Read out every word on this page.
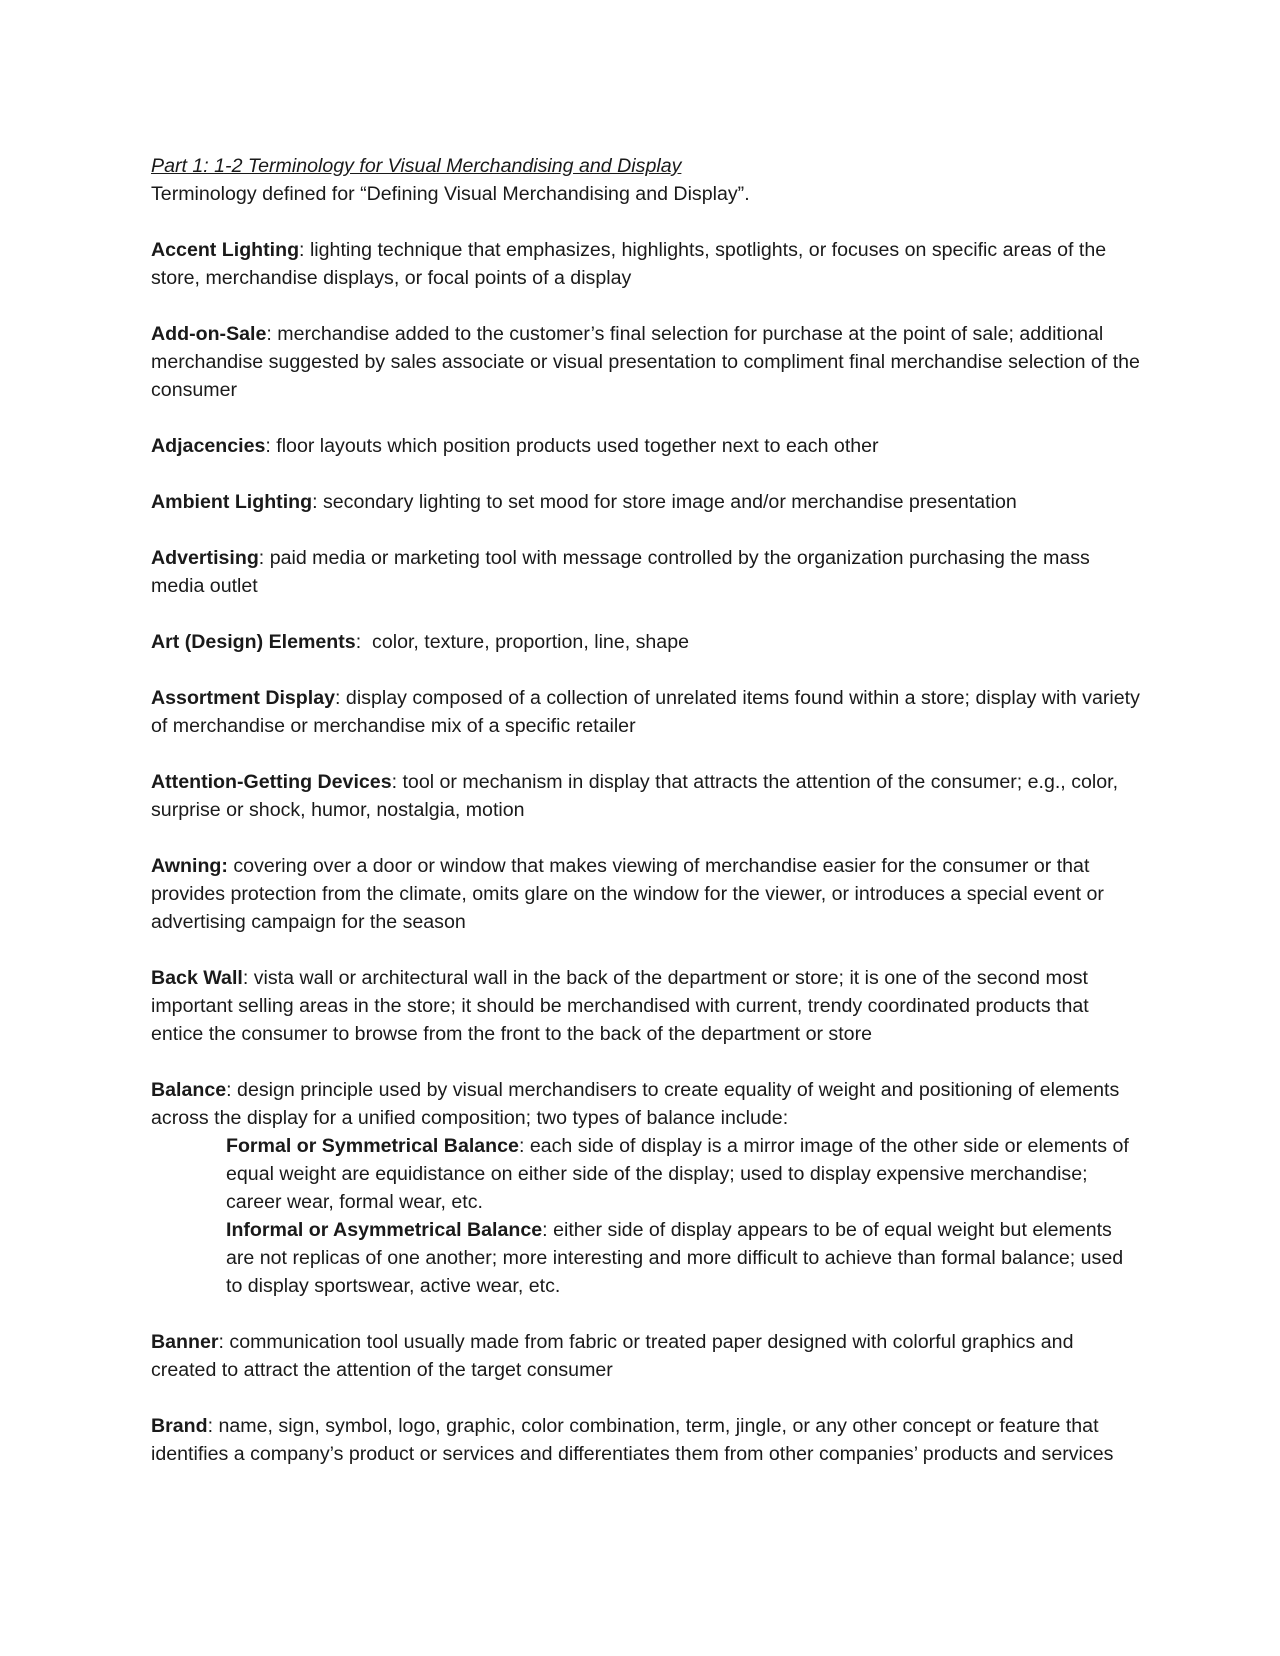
Part 1: 1-2 Terminology for Visual Merchandising and Display

Terminology defined for “Defining Visual Merchandising and Display”.

Accent Lighting: lighting technique that emphasizes, highlights, spotlights, or focuses on specific areas of the store, merchandise displays, or focal points of a display

Add-on-Sale: merchandise added to the customer’s final selection for purchase at the point of sale; additional merchandise suggested by sales associate or visual presentation to compliment final merchandise selection of the consumer

Adjacencies: floor layouts which position products used together next to each other

Ambient Lighting: secondary lighting to set mood for store image and/or merchandise presentation

Advertising: paid media or marketing tool with message controlled by the organization purchasing the mass media outlet

Art (Design) Elements:  color, texture, proportion, line, shape

Assortment Display: display composed of a collection of unrelated items found within a store; display with variety of merchandise or merchandise mix of a specific retailer

Attention-Getting Devices: tool or mechanism in display that attracts the attention of the consumer; e.g., color, surprise or shock, humor, nostalgia, motion

Awning: covering over a door or window that makes viewing of merchandise easier for the consumer or that provides protection from the climate, omits glare on the window for the viewer, or introduces a special event or advertising campaign for the season

Back Wall: vista wall or architectural wall in the back of the department or store; it is one of the second most important selling areas in the store; it should be merchandised with current, trendy coordinated products that entice the consumer to browse from the front to the back of the department or store

Balance: design principle used by visual merchandisers to create equality of weight and positioning of elements across the display for a unified composition; two types of balance include:

Formal or Symmetrical Balance: each side of display is a mirror image of the other side or elements of equal weight are equidistance on either side of the display; used to display expensive merchandise; career wear, formal wear, etc.

Informal or Asymmetrical Balance: either side of display appears to be of equal weight but elements are not replicas of one another; more interesting and more difficult to achieve than formal balance; used to display sportswear, active wear, etc.

Banner: communication tool usually made from fabric or treated paper designed with colorful graphics and created to attract the attention of the target consumer

Brand: name, sign, symbol, logo, graphic, color combination, term, jingle, or any other concept or feature that identifies a company’s product or services and differentiates them from other companies’ products and services
